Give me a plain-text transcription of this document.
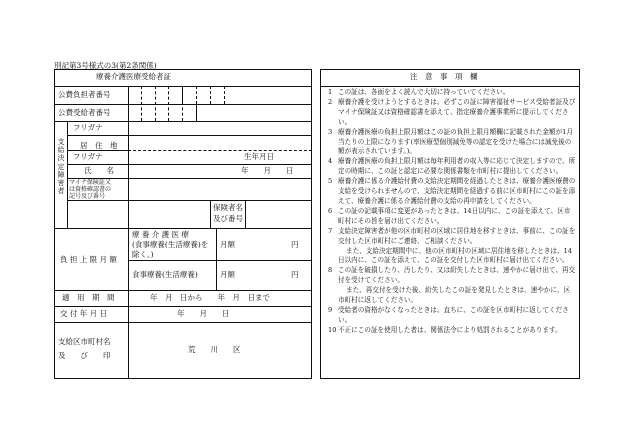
別記第3号様式の3(第2条関係)
療養介護医療受給者証
公費負担者番号
公費受給者番号
支給決定障害者
フリガナ
居　住　地
フリガナ	生年月日
氏　　名	年　　月　　日
マイナ保険証又
は資格確認書の
記号及び番号
保険者名
及び番号
負 担 上 限 月 額
療 養 介 護 医 療
(食事療養(生活療養)を
除く。)
月額	円
食事療養(生活療養)	月額	円
適　用　期　間	年　月　日から　　年　月　日まで
交 付 年 月 日	年　　月　　日
支給区市町村名
及　　び　　印
荒　　川　　区
注　意　事　項　欄
1 この証は、各面をよく読んで大切に持っていてください。
2 療養介護を受けようとするときは、必ずこの証に障害福祉サービス受給者証及びマイナ保険証又は資格確認書を添えて、指定療養介護事業所に提示してください。
3 療養介護医療の負担上限月額はこの証の負担上限月額欄に記載された金額が1月当たりの上限になります(率医療型個別減免等の認定を受けた場合には減免後の額が表示されています。)。
4 療養介護医療の負担上限月額は毎年利用者の収入等に応じて決定しますので、所定の時期に、この証と認定に必要な関係書類を市町村に提出してください。
5 療養介護に係る介護給付費の支給決定期間を経過したときは、療養介護医療費の支給を受けられませんので、支給決定期間を経過する前に区市町村にこの証を添えて、療養介護に係る介護給付費の支給の再申請をしてください。
6 この証の記載事項に変更があったときは、14日以内に、この証を添えて、区市町村にその旨を届け出てください。
7 支給決定障害者が他の区市町村の区域に居住地を移すときは、事前に、この証を交付した区市町村にご連絡、ご相談ください。
また、支給決定期間中に、他の区市町村の区域に居住地を移したときは、14日以内に、この証を添えて、この証を交付した区市町村に届け出てください。
8 この証を破損したり、汚したり、又は紛失したときは、速やかに届け出て、再交付を受けてください。
また、再交付を受けた後、紛失したこの証を発見したときは、速やかに、区市町村に返してください。
9 受給者の資格がなくなったときは、直ちに、この証を区市町村に返してください。
10 不正にこの証を使用した者は、関係法令により処罰されることがあります。
